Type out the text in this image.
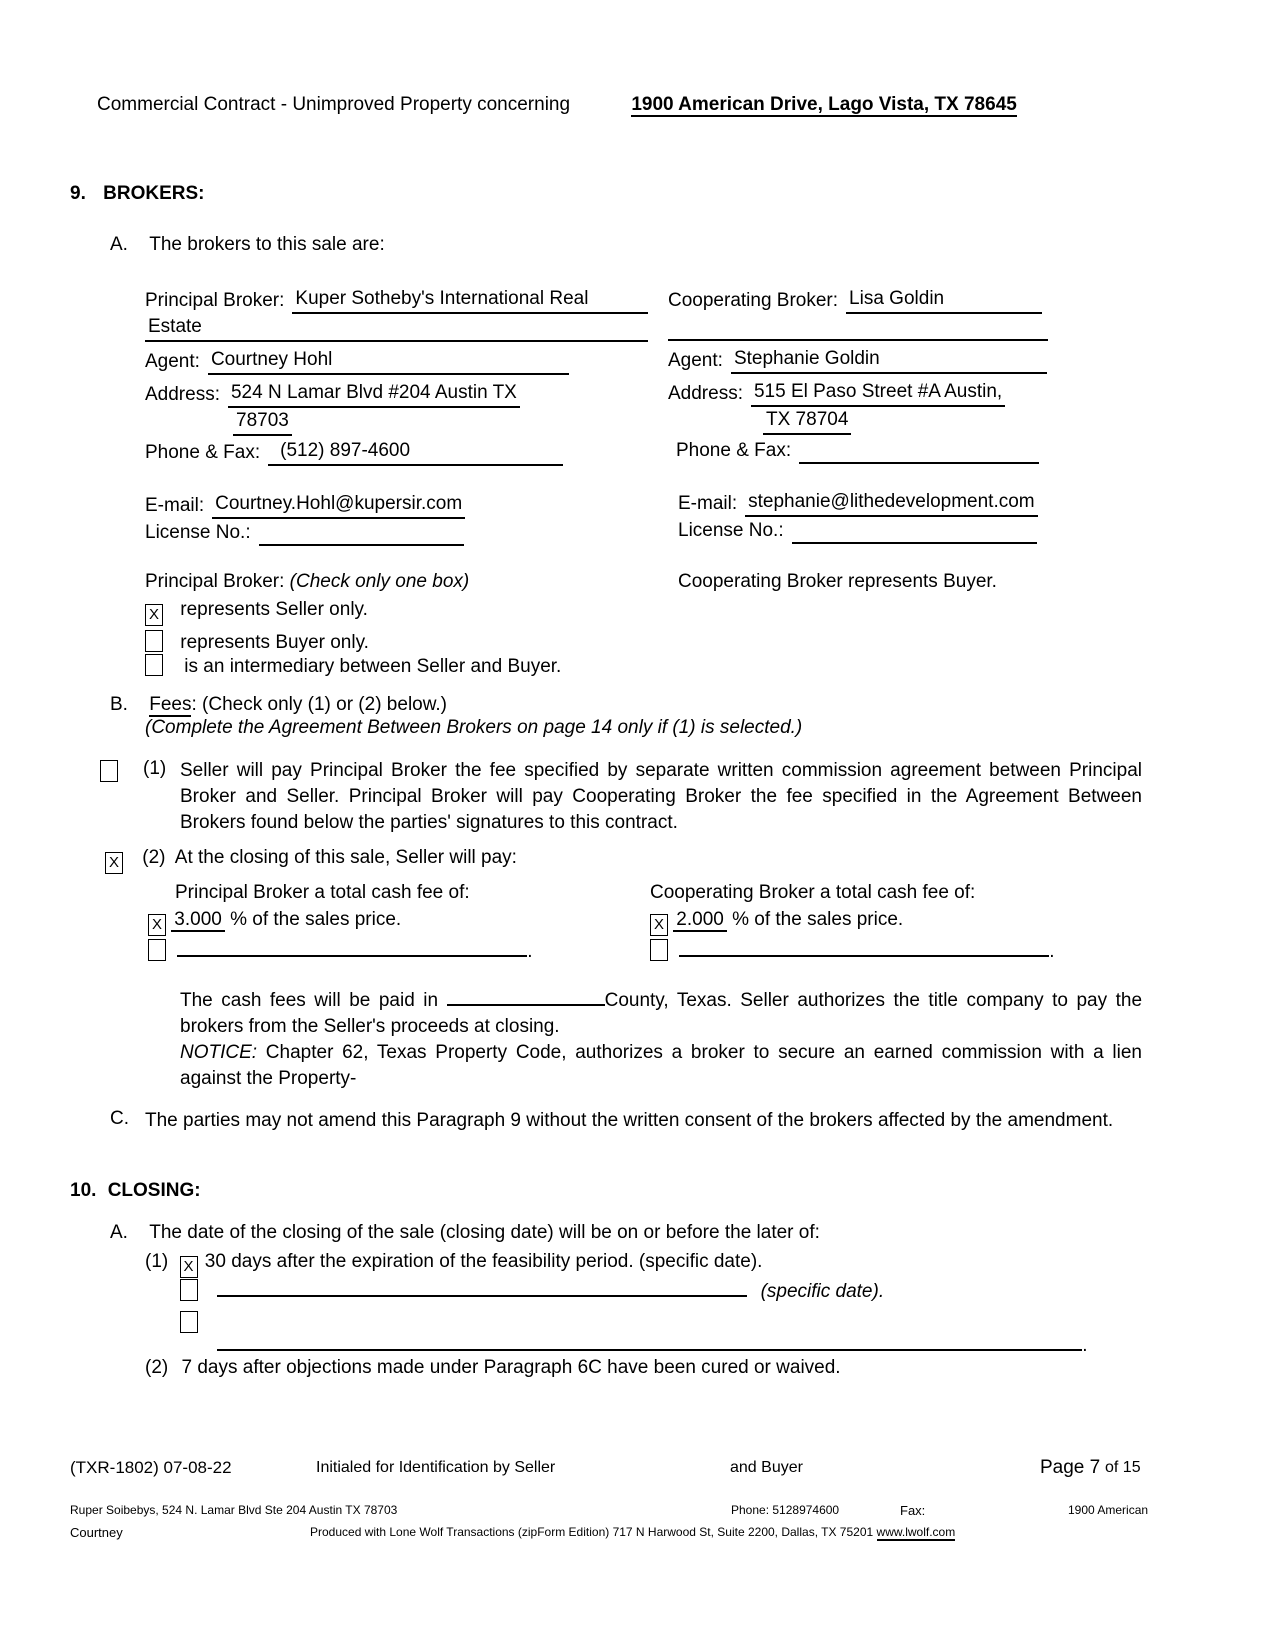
Commercial Contract - Unimproved Property concerning	1900 American Drive, Lago Vista, TX 78645
9. BROKERS:
A. The brokers to this sale are:
Principal Broker: Kuper Sotheby's International Real
Estate
Agent: Courtney Hohl
Address: 524 N Lamar Blvd #204 Austin TX
78703
Phone & Fax:	(512) 897-4600
E-mail: Courtney.Hohl@kupersir.com
License No.:
Cooperating Broker: Lisa Goldin
Agent: Stephanie Goldin
Address: 515 El Paso Street #A Austin,
TX 78704
Phone & Fax:
E-mail: stephanie@lithedevelopment.com
License No.:
Principal Broker: (Check only one box)	Cooperating Broker represents Buyer.
X represents Seller only.
represents Buyer only.
is an intermediary between Seller and Buyer.
B. Fees: (Check only (1) or (2) below.)
(Complete the Agreement Between Brokers on page 14 only if (1) is selected.)
(1) Seller will pay Principal Broker the fee specified by separate written commission agreement between Principal Broker and Seller. Principal Broker will pay Cooperating Broker the fee specified in the Agreement Between Brokers found below the parties' signatures to this contract.

X (2) At the closing of this sale, Seller will pay:
Principal Broker a total cash fee of:
X 3.000 % of the sales price.
.
Cooperating Broker a total cash fee of:
X 2.000 % of the sales price.
.

The cash fees will be paid in	County, Texas. Seller authorizes the title company to pay the brokers from the Seller's proceeds at closing.

NOTICE: Chapter 62, Texas Property Code, authorizes a broker to secure an earned commission with a lien against the Property-

C. The parties may not amend this Paragraph 9 without the written consent of the brokers affected by the amendment.

10. CLOSING:
A. The date of the closing of the sale (closing date) will be on or before the later of:
(1) X 30 days after the expiration of the feasibility period. (specific date).
(specific date).
.
(2) 7 days after objections made under Paragraph 6C have been cured or waived.
(TXR-1802) 07-08-22	Initialed for Identification by Seller	and Buyer	Page 7 of 15
Ruper Soibebys, 524 N. Lamar Blvd Ste 204 Austin TX 78703	Phone: 5128974600	Fax:	1900 American
Courtney	Produced with Lone Wolf Transactions (zipForm Edition) 717 N Harwood St, Suite 2200, Dallas, TX 75201 www.lwolf.com
